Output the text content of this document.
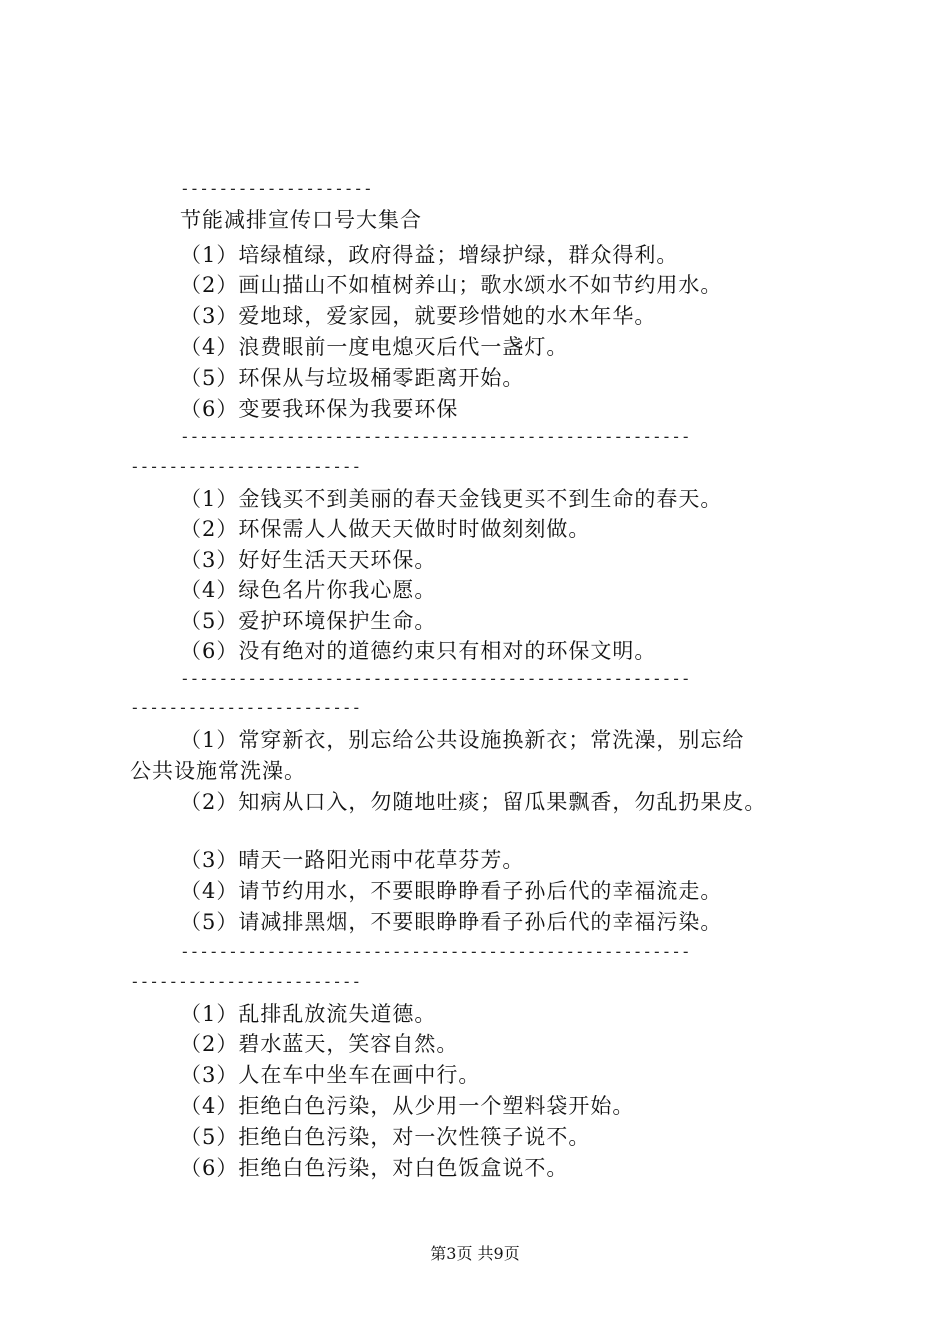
--------------------
节能减排宣传口号大集合
（1）培绿植绿，政府得益；增绿护绿，群众得利。
（2）画山描山不如植树养山；歌水颂水不如节约用水。
（3）爱地球，爱家园，就要珍惜她的水木年华。
（4）浪费眼前一度电熄灭后代一盏灯。
（5）环保从与垃圾桶零距离开始。
（6）变要我环保为我要环保
-----------------------------------------------------
------------------------
（1）金钱买不到美丽的春天金钱更买不到生命的春天。
（2）环保需人人做天天做时时做刻刻做。
（3）好好生活天天环保。
（4）绿色名片你我心愿。
（5）爱护环境保护生命。
（6）没有绝对的道德约束只有相对的环保文明。
-----------------------------------------------------
------------------------
（1）常穿新衣，别忘给公共设施换新衣；常洗澡，别忘给
公共设施常洗澡。
（2）知病从口入，勿随地吐痰；留瓜果飘香，勿乱扔果皮。
（3）晴天一路阳光雨中花草芬芳。
（4）请节约用水，不要眼睁睁看子孙后代的幸福流走。
（5）请减排黑烟，不要眼睁睁看子孙后代的幸福污染。
-----------------------------------------------------
------------------------
（1）乱排乱放流失道德。
（2）碧水蓝天，笑容自然。
（3）人在车中坐车在画中行。
（4）拒绝白色污染，从少用一个塑料袋开始。
（5）拒绝白色污染，对一次性筷子说不。
（6）拒绝白色污染，对白色饭盒说不。
第3页 共9页
